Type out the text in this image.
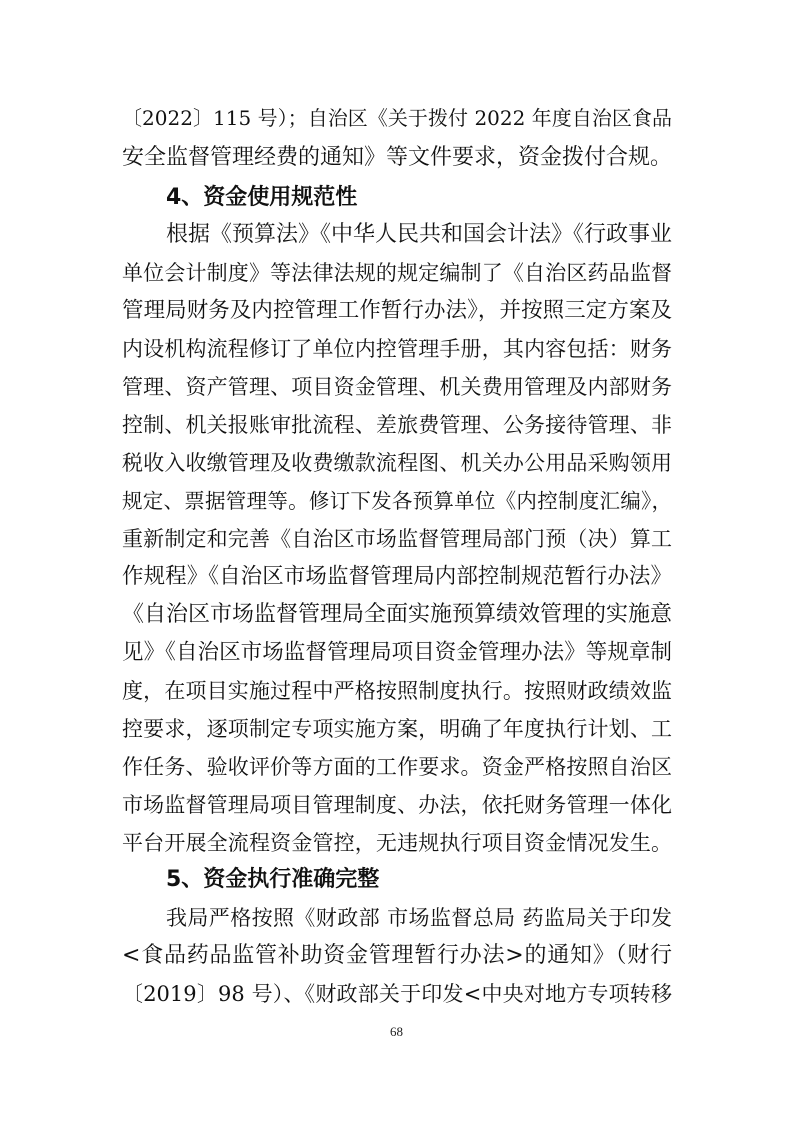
〔2022〕115 号）；自治区《关于拨付 2022 年度自治区食品
安全监督管理经费的通知》等文件要求，资金拨付合规。
4、资金使用规范性
根据《预算法》《中华人民共和国会计法》《行政事业
单位会计制度》等法律法规的规定编制了《自治区药品监督
管理局财务及内控管理工作暂行办法》，并按照三定方案及
内设机构流程修订了单位内控管理手册，其内容包括：财务
管理、资产管理、项目资金管理、机关费用管理及内部财务
控制、机关报账审批流程、差旅费管理、公务接待管理、非
税收入收缴管理及收费缴款流程图、机关办公用品采购领用
规定、票据管理等。修订下发各预算单位《内控制度汇编》，
重新制定和完善《自治区市场监督管理局部门预（决）算工
作规程》《自治区市场监督管理局内部控制规范暂行办法》
《自治区市场监督管理局全面实施预算绩效管理的实施意
见》《自治区市场监督管理局项目资金管理办法》等规章制
度，在项目实施过程中严格按照制度执行。按照财政绩效监
控要求，逐项制定专项实施方案，明确了年度执行计划、工
作任务、验收评价等方面的工作要求。资金严格按照自治区
市场监督管理局项目管理制度、办法，依托财务管理一体化
平台开展全流程资金管控，无违规执行项目资金情况发生。
5、资金执行准确完整
我局严格按照《财政部 市场监督总局 药监局关于印发
<食品药品监管补助资金管理暂行办法>的通知》（财行
〔2019〕98 号）、《财政部关于印发<中央对地方专项转移
68
